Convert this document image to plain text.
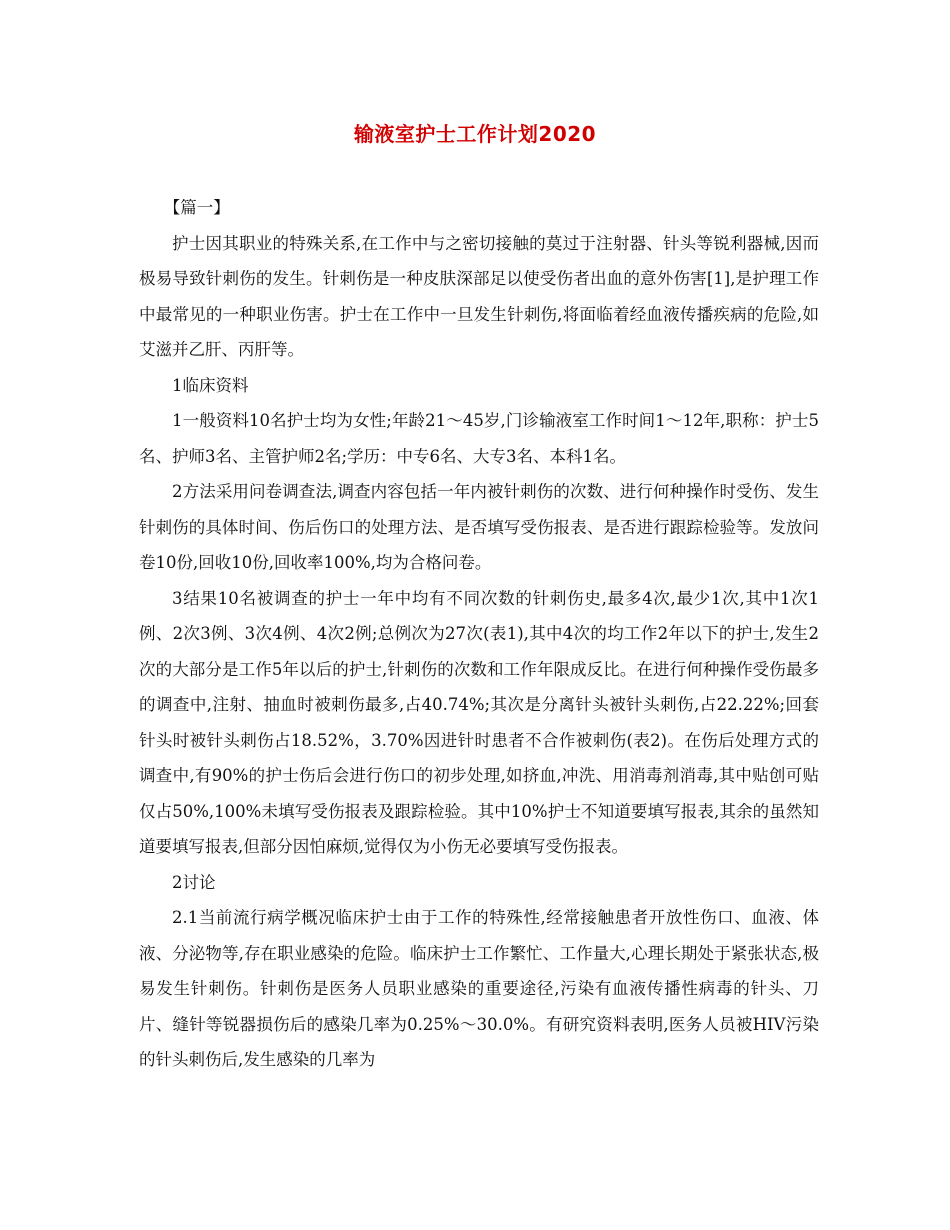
输液室护士工作计划2020

【篇一】

护士因其职业的特殊关系,在工作中与之密切接触的莫过于注射器、针头等锐利器械,因而极易导致针刺伤的发生。针刺伤是一种皮肤深部足以使受伤者出血的意外伤害[1],是护理工作中最常见的一种职业伤害。护士在工作中一旦发生针刺伤,将面临着经血液传播疾病的危险,如艾滋并乙肝、丙肝等。

1临床资料

1一般资料10名护士均为女性;年龄21～45岁,门诊输液室工作时间1～12年,职称：护士5名、护师3名、主管护师2名;学历：中专6名、大专3名、本科1名。

2方法采用问卷调查法,调查内容包括一年内被针刺伤的次数、进行何种操作时受伤、发生针刺伤的具体时间、伤后伤口的处理方法、是否填写受伤报表、是否进行跟踪检验等。发放问卷10份,回收10份,回收率100%,均为合格问卷。

3结果10名被调查的护士一年中均有不同次数的针刺伤史,最多4次,最少1次,其中1次1例、2次3例、3次4例、4次2例;总例次为27次(表1),其中4次的均工作2年以下的护士,发生2次的大部分是工作5年以后的护士,针刺伤的次数和工作年限成反比。在进行何种操作受伤最多的调查中,注射、抽血时被刺伤最多,占40.74%;其次是分离针头被针头刺伤,占22.22%;回套针头时被针头刺伤占18.52%，3.70%因进针时患者不合作被刺伤(表2)。在伤后处理方式的调查中,有90%的护士伤后会进行伤口的初步处理,如挤血,冲洗、用消毒剂消毒,其中贴创可贴仅占50%,100%未填写受伤报表及跟踪检验。其中10%护士不知道要填写报表,其余的虽然知道要填写报表,但部分因怕麻烦,觉得仅为小伤无必要填写受伤报表。

2讨论

2.1当前流行病学概况临床护士由于工作的特殊性,经常接触患者开放性伤口、血液、体液、分泌物等,存在职业感染的危险。临床护士工作繁忙、工作量大,心理长期处于紧张状态,极易发生针刺伤。针刺伤是医务人员职业感染的重要途径,污染有血液传播性病毒的针头、刀片、缝针等锐器损伤后的感染几率为0.25%～30.0%。有研究资料表明,医务人员被HIV污染的针头刺伤后,发生感染的几率为
